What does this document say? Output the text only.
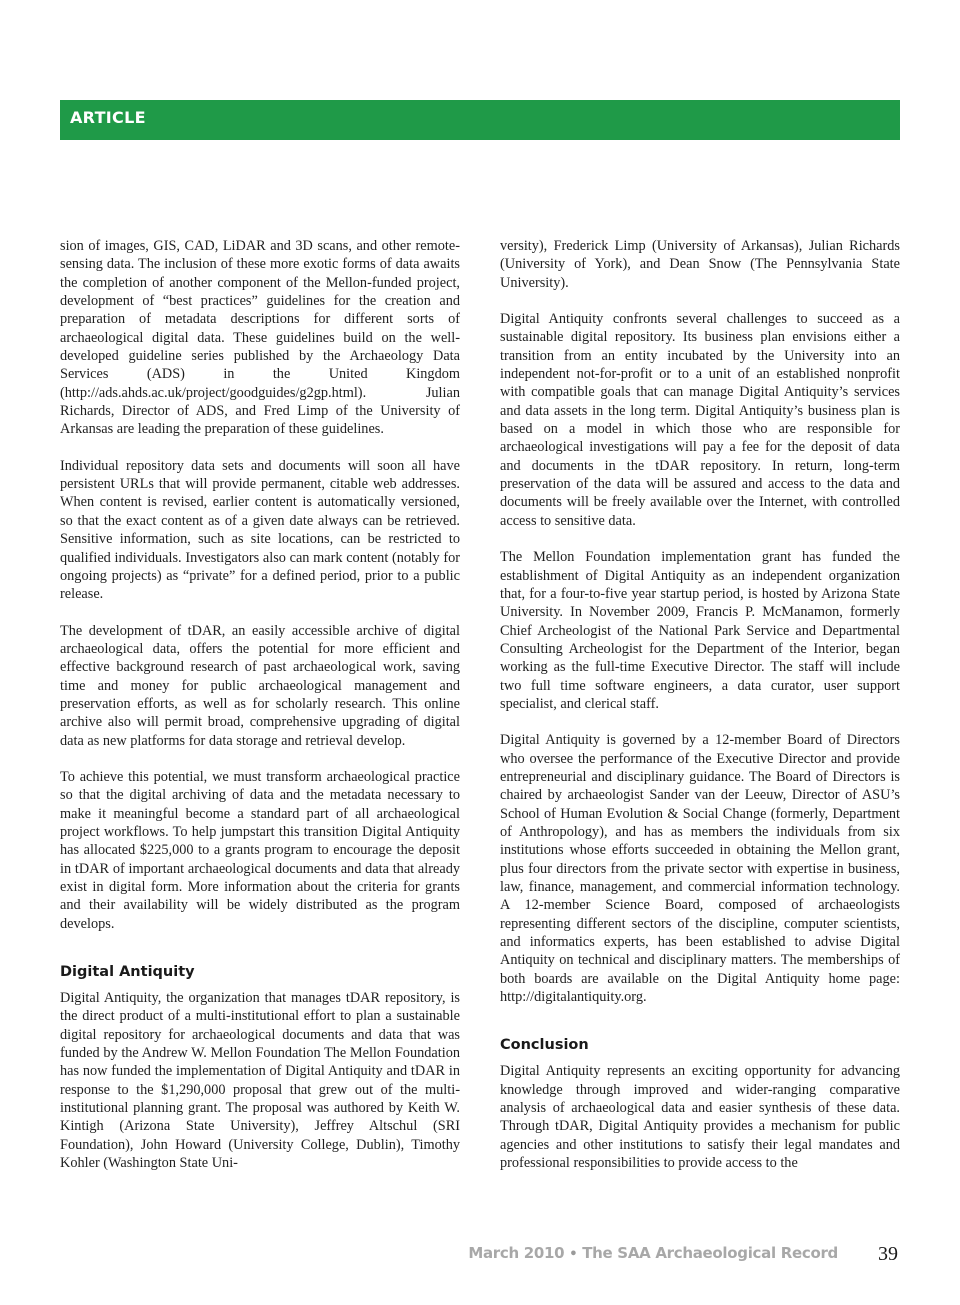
ARTICLE

sion of images, GIS, CAD, LiDAR and 3D scans, and other remote-sensing data. The inclusion of these more exotic forms of data awaits the completion of another component of the Mellon-funded project, development of “best practices” guidelines for the creation and preparation of metadata descriptions for different sorts of archaeological digital data. These guidelines build on the well-developed guideline series published by the Archaeology Data Services (ADS) in the United Kingdom (http://ads.ahds.ac.uk/project/goodguides/g2gp.html). Julian Richards, Director of ADS, and Fred Limp of the University of Arkansas are leading the preparation of these guidelines.

Individual repository data sets and documents will soon all have persistent URLs that will provide permanent, citable web addresses. When content is revised, earlier content is automatically versioned, so that the exact content as of a given date always can be retrieved. Sensitive information, such as site locations, can be restricted to qualified individuals. Investigators also can mark content (notably for ongoing projects) as “private” for a defined period, prior to a public release.

The development of tDAR, an easily accessible archive of digital archaeological data, offers the potential for more efficient and effective background research of past archaeological work, saving time and money for public archaeological management and preservation efforts, as well as for scholarly research. This online archive also will permit broad, comprehensive upgrading of digital data as new platforms for data storage and retrieval develop.

To achieve this potential, we must transform archaeological practice so that the digital archiving of data and the metadata necessary to make it meaningful become a standard part of all archaeological project workflows. To help jumpstart this transition Digital Antiquity has allocated $225,000 to a grants program to encourage the deposit in tDAR of important archaeological documents and data that already exist in digital form. More information about the criteria for grants and their availability will be widely distributed as the program develops.

Digital Antiquity

Digital Antiquity, the organization that manages tDAR repository, is the direct product of a multi-institutional effort to plan a sustainable digital repository for archaeological documents and data that was funded by the Andrew W. Mellon Foundation The Mellon Foundation has now funded the implementation of Digital Antiquity and tDAR in response to the $1,290,000 proposal that grew out of the multi-institutional planning grant. The proposal was authored by Keith W. Kintigh (Arizona State University), Jeffrey Altschul (SRI Foundation), John Howard (University College, Dublin), Timothy Kohler (Washington State Uni-

versity), Frederick Limp (University of Arkansas), Julian Richards (University of York), and Dean Snow (The Pennsylvania State University).

Digital Antiquity confronts several challenges to succeed as a sustainable digital repository. Its business plan envisions either a transition from an entity incubated by the University into an independent not-for-profit or to a unit of an established nonprofit with compatible goals that can manage Digital Antiquity’s services and data assets in the long term. Digital Antiquity’s business plan is based on a model in which those who are responsible for archaeological investigations will pay a fee for the deposit of data and documents in the tDAR repository. In return, long-term preservation of the data will be assured and access to the data and documents will be freely available over the Internet, with controlled access to sensitive data.

The Mellon Foundation implementation grant has funded the establishment of Digital Antiquity as an independent organization that, for a four-to-five year startup period, is hosted by Arizona State University. In November 2009, Francis P. McManamon, formerly Chief Archeologist of the National Park Service and Departmental Consulting Archeologist for the Department of the Interior, began working as the full-time Executive Director. The staff will include two full time software engineers, a data curator, user support specialist, and clerical staff.

Digital Antiquity is governed by a 12-member Board of Directors who oversee the performance of the Executive Director and provide entrepreneurial and disciplinary guidance. The Board of Directors is chaired by archaeologist Sander van der Leeuw, Director of ASU’s School of Human Evolution & Social Change (formerly, Department of Anthropology), and has as members the individuals from six institutions whose efforts succeeded in obtaining the Mellon grant, plus four directors from the private sector with expertise in business, law, finance, management, and commercial information technology. A 12-member Science Board, composed of archaeologists representing different sectors of the discipline, computer scientists, and informatics experts, has been established to advise Digital Antiquity on technical and disciplinary matters. The memberships of both boards are available on the Digital Antiquity home page: http://digitalantiquity.org.

Conclusion

Digital Antiquity represents an exciting opportunity for advancing knowledge through improved and wider-ranging comparative analysis of archaeological data and easier synthesis of these data. Through tDAR, Digital Antiquity provides a mechanism for public agencies and other institutions to satisfy their legal mandates and professional responsibilities to provide access to the

March 2010 • The SAA Archaeological Record 39
